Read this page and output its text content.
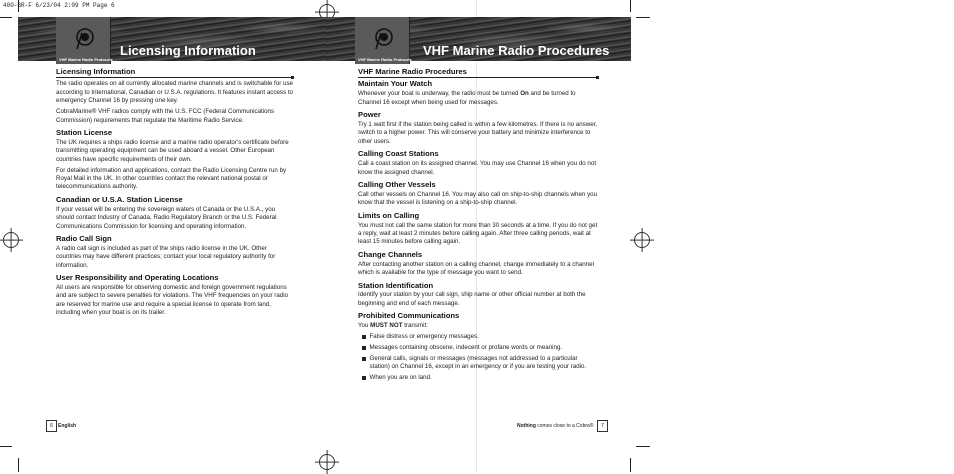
400-BR-F 6/23/04 2:09 PM Page 6
VHF Marine Radio Protocols
Licensing Information
VHF Marine Radio Protocols
VHF Marine Radio Procedures
Licensing Information

The radio operates on all currently allocated marine channels and is switchable for use according to International, Canadian or U.S.A. regulations. It features instant access to emergency Channel 16 by pressing one key.

CobraMarine® VHF radios comply with the U.S. FCC (Federal Communications Commission) requirements that regulate the Maritime Radio Service.

Station License

The UK requires a ships radio license and a marine radio operator's certificate before transmitting operating equipment can be used aboard a vessel. Other European countries have specific requirements of their own.

For detailed information and applications, contact the Radio Licensing Centre run by Royal Mail in the UK. In other countries contact the relevant national postal or telecommunications authority.

Canadian or U.S.A. Station License

If your vessel will be entering the sovereign waters of Canada or the U.S.A., you should contact Industry of Canada, Radio Regulatory Branch or the U.S. Federal Communications Commission for licensing and operating information.

Radio Call Sign

A radio call sign is included as part of the ships radio license in the UK. Other countries may have different practices; contact your local regulatory authority for information.

User Responsibility and Operating Locations

All users are responsible for observing domestic and foreign government regulations and are subject to severe penalties for violations. The VHF frequencies on your radio are reserved for marine use and require a special license to operate from land, including when your boat is on its trailer.

VHF Marine Radio Procedures
Maintain Your Watch

Whenever your boat is underway, the radio must be turned On and be turned to Channel 16 except when being used for messages.

Power

Try 1 watt first if the station being called is within a few kilometres. If there is no answer, switch to a higher power. This will conserve your battery and minimize interference to other users.

Calling Coast Stations

Call a coast station on its assigned channel. You may use Channel 16 when you do not know the assigned channel.

Calling Other Vessels

Call other vessels on Channel 16. You may also call on ship-to-ship channels when you know that the vessel is listening on a ship-to-ship channel.

Limits on Calling

You must not call the same station for more than 30 seconds at a time. If you do not get a reply, wait at least 2 minutes before calling again. After three calling periods, wait at least 15 minutes before calling again.

Change Channels

After contacting another station on a calling channel, change immediately to a channel which is available for the type of message you want to send.

Station Identification

Identify your station by your call sign, ship name or other official number at both the beginning and end of each message.

Prohibited Communications

You MUST NOT transmit:

False distress or emergency messages.
Messages containing obscene, indecent or profane words or meaning.
General calls, signals or messages (messages not addressed to a particular station) on Channel 16, except in an emergency or if you are testing your radio.
When you are on land.
6	English	Nothing comes close to a Cobra®	7
